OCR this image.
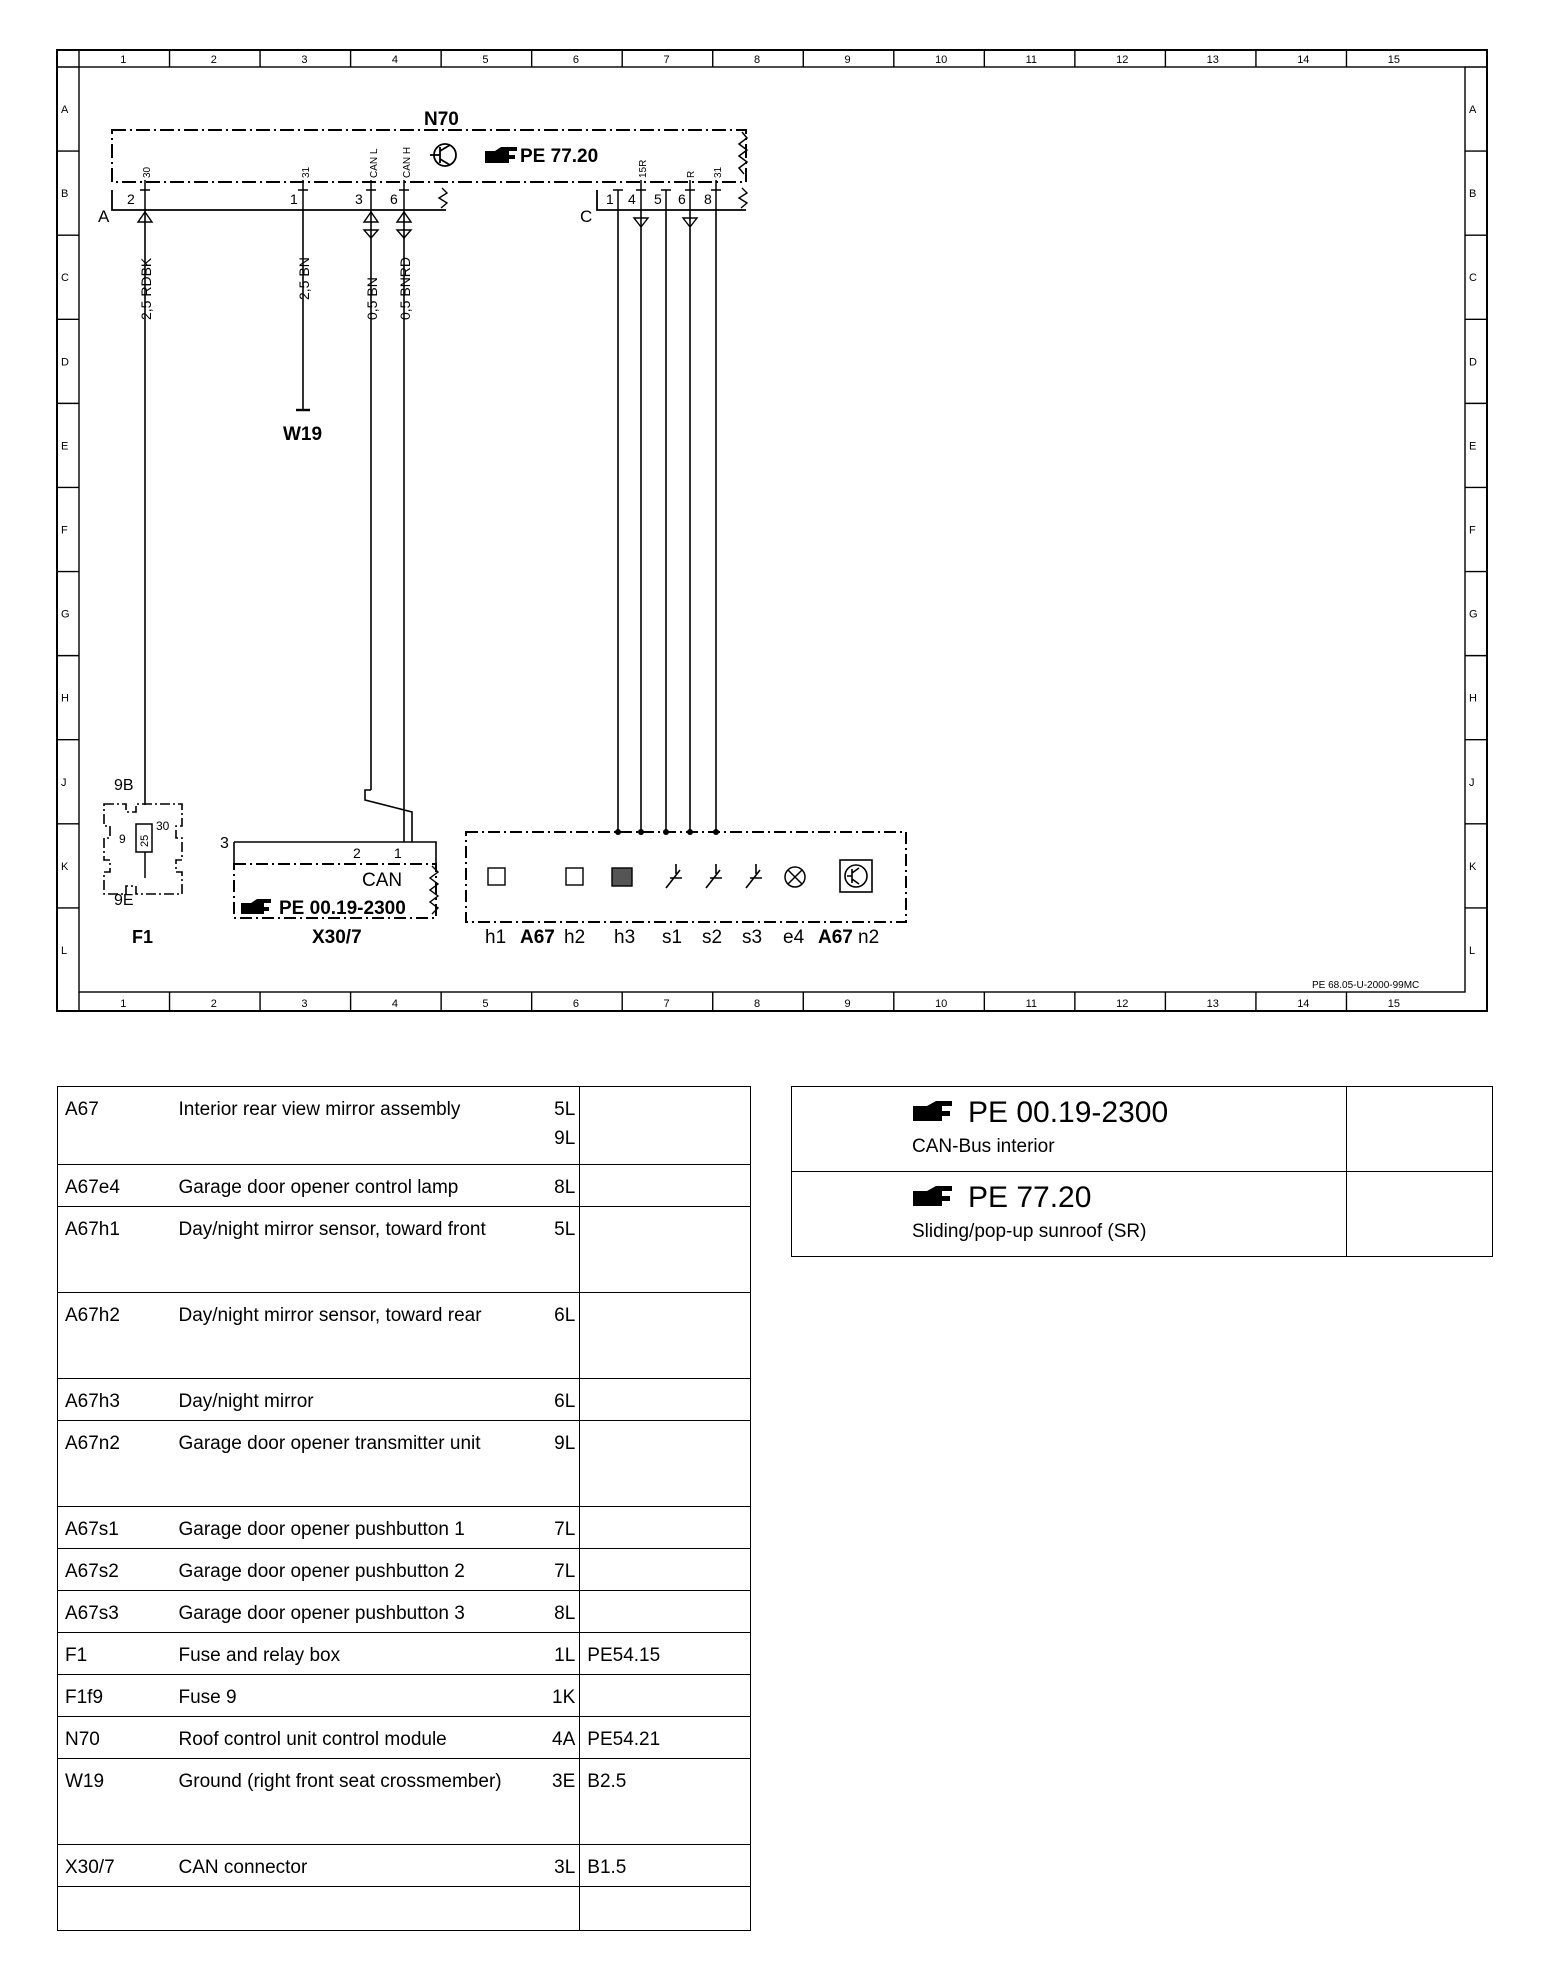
1
1
2
2
3
3
4
4
5
5
6
6
7
7
8
8
9
9
10
10
11
11
12
12
13
13
14
14
15
15
A	A
B	B
C	C
D	D
E	E
F	F
G	G
H	H
J	J
K	K
L	L
N70
PE 77.20
30	31	CAN L CAN H	15R	R 31
A
2	1	3 6
C
1 4 5 6 8
2,5 RDBK	2,5 BN	0,5 BN 0,5 BNRD
W19
9B
25
9
30
9E
F1
3
2 1
CAN
PE 00.19-2300
X30/7	h1 A67 h2 h3 s1 s2 s3 e4 A67 n2
PE 68.05-U-2000-99MC
A67	Interior rear view mirror assembly	5L
9L	
A67e4	Garage door opener control lamp	8L	
A67h1	Day/night mirror sensor, toward front	5L	
A67h2	Day/night mirror sensor, toward rear	6L	
A67h3	Day/night mirror	6L	
A67n2	Garage door opener transmitter unit	9L	
A67s1	Garage door opener pushbutton 1	7L	
A67s2	Garage door opener pushbutton 2	7L	
A67s3	Garage door opener pushbutton 3	8L	
F1	Fuse and relay box	1L	PE54.15
F1f9	Fuse 9	1K	
N70	Roof control unit control module	4A	PE54.21
W19	Ground (right front seat crossmember)	3E	B2.5
X30/7	CAN connector	3L	B1.5

PE 00.19-2300
CAN-Bus interior	

PE 77.20
Sliding/pop-up sunroof (SR)	
